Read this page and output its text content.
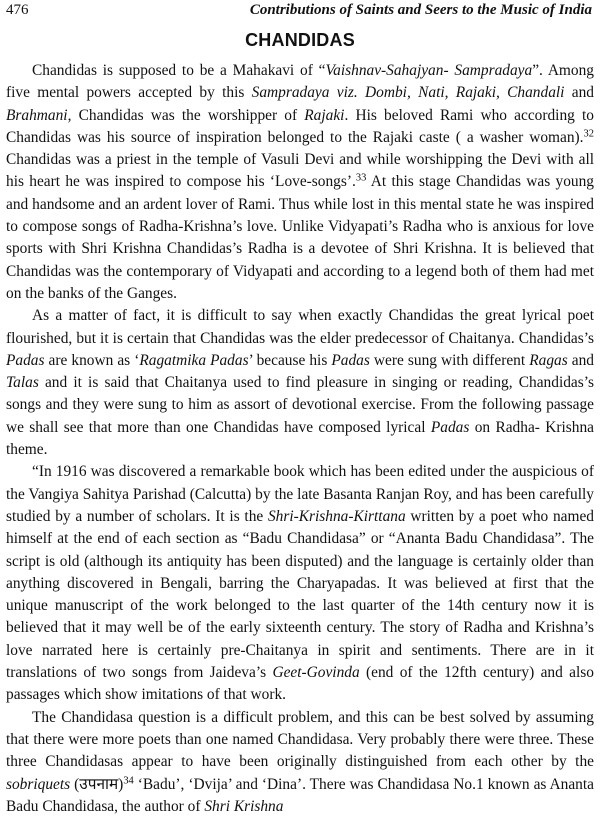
476	Contributions of Saints and Seers to the Music of India
CHANDIDAS

Chandidas is supposed to be a Mahakavi of “Vaishnav-Sahajyan- Sampradaya”. Among five mental powers accepted by this Sampradaya viz. Dombi, Nati, Rajaki, Chandali and Brahmani, Chandidas was the worshipper of Rajaki. His beloved Rami who according to Chandidas was his source of inspiration belonged to the Rajaki caste ( a washer woman).$^{32}$ Chandidas was a priest in the temple of Vasuli Devi and while worshipping the Devi with all his heart he was inspired to compose his ‘Love-songs’.$^{33}$ At this stage Chandidas was young and handsome and an ardent lover of Rami. Thus while lost in this mental state he was inspired to compose songs of Radha-Krishna’s love. Unlike Vidyapati’s Radha who is anxious for love sports with Shri Krishna Chandidas’s Radha is a devotee of Shri Krishna. It is believed that Chandidas was the contemporary of Vidyapati and according to a legend both of them had met on the banks of the Ganges.

As a matter of fact, it is difficult to say when exactly Chandidas the great lyrical poet flourished, but it is certain that Chandidas was the elder predecessor of Chaitanya. Chandidas’s Padas are known as ‘Ragatmika Padas’ because his Padas were sung with different Ragas and Talas and it is said that Chaitanya used to find pleasure in singing or reading, Chandidas’s songs and they were sung to him as assort of devotional exercise. From the following passage we shall see that more than one Chandidas have composed lyrical Padas on Radha- Krishna theme.

“In 1916 was discovered a remarkable book which has been edited under the auspicious of the Vangiya Sahitya Parishad (Calcutta) by the late Basanta Ranjan Roy, and has been carefully studied by a number of scholars. It is the Shri-Krishna-Kirttana written by a poet who named himself at the end of each section as “Badu Chandidasa” or “Ananta Badu Chandidasa”. The script is old (although its antiquity has been disputed) and the language is certainly older than anything discovered in Bengali, barring the Charyapadas. It was believed at first that the unique manuscript of the work belonged to the last quarter of the 14th century now it is believed that it may well be of the early sixteenth century. The story of Radha and Krishna’s love narrated here is certainly pre-Chaitanya in spirit and sentiments. There are in it translations of two songs from Jaideva’s Geet-Govinda (end of the 12fth century) and also passages which show imitations of that work.

The Chandidasa question is a difficult problem, and this can be best solved by assuming that there were more poets than one named Chandidasa. Very probably there were three. These three Chandidasas appear to have been originally distinguished from each other by the sobriquets (उपनाम)$^{34}$ ‘Badu’, ‘Dvija’ and ‘Dina’. There was Chandidasa No.1 known as Ananta Badu Chandidasa, the author of Shri Krishna
